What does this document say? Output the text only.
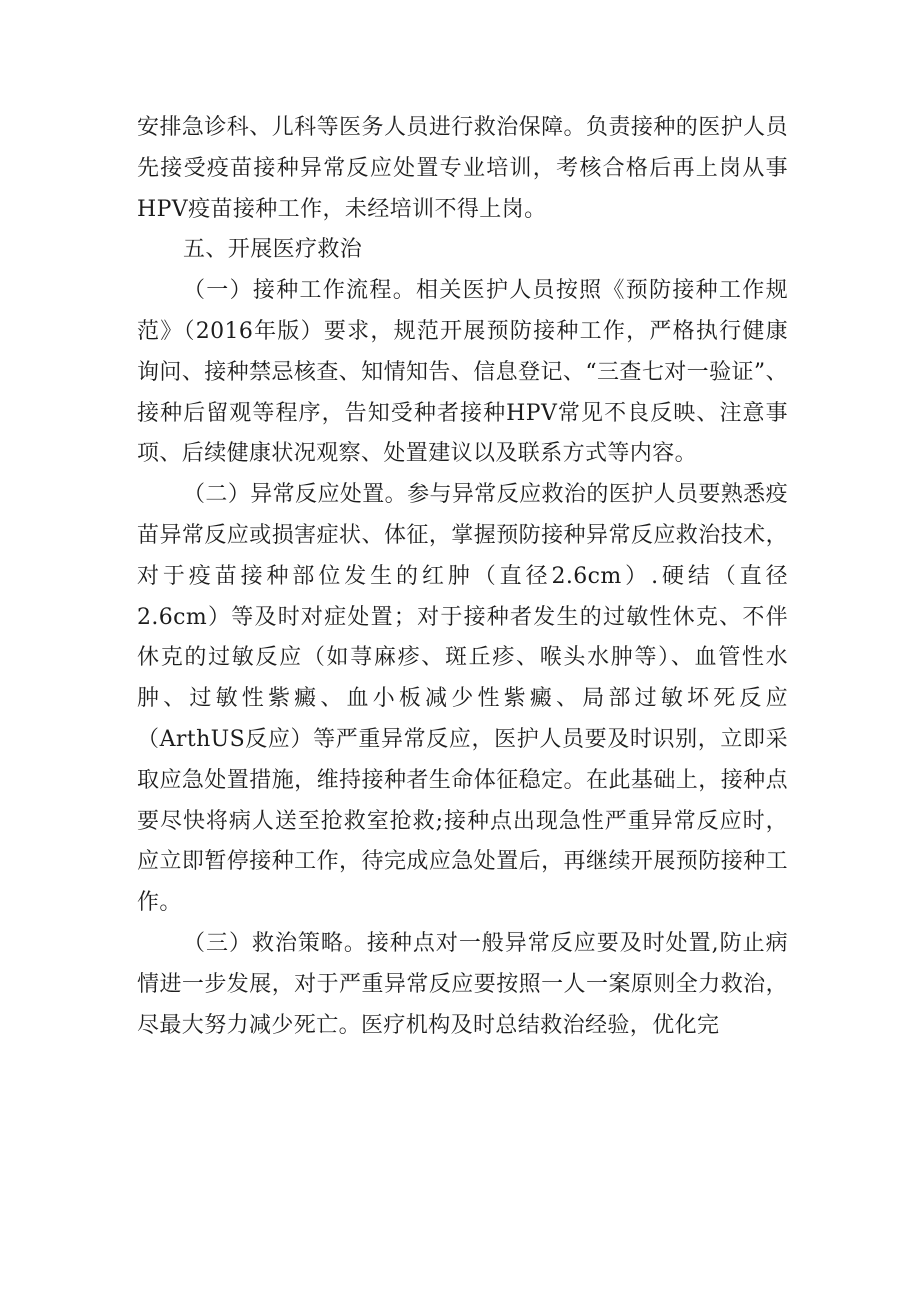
安排急诊科、儿科等医务人员进行救治保障。负责接种的医护人员先接受疫苗接种异常反应处置专业培训，考核合格后再上岗从事HPV疫苗接种工作，未经培训不得上岗。

五、开展医疗救治

（一）接种工作流程。相关医护人员按照《预防接种工作规范》（2016年版）要求，规范开展预防接种工作，严格执行健康询问、接种禁忌核查、知情知告、信息登记、“三查七对一验证”、接种后留观等程序，告知受种者接种HPV常见不良反映、注意事项、后续健康状况观察、处置建议以及联系方式等内容。

（二）异常反应处置。参与异常反应救治的医护人员要熟悉疫苗异常反应或损害症状、体征，掌握预防接种异常反应救治技术，对于疫苗接种部位发生的红肿（直径2.6cm）.硬结（直径2.6cm）等及时对症处置；对于接种者发生的过敏性休克、不伴休克的过敏反应（如荨麻疹、斑丘疹、喉头水肿等）、血管性水肿、过敏性紫癜、血小板减少性紫癜、局部过敏坏死反应（ArthUS反应）等严重异常反应，医护人员要及时识别，立即采取应急处置措施，维持接种者生命体征稳定。在此基础上，接种点要尽快将病人送至抢救室抢救;接种点出现急性严重异常反应时，应立即暂停接种工作，待完成应急处置后，再继续开展预防接种工作。

（三）救治策略。接种点对一般异常反应要及时处置,防止病情进一步发展，对于严重异常反应要按照一人一案原则全力救治，尽最大努力减少死亡。医疗机构及时总结救治经验，优化完
